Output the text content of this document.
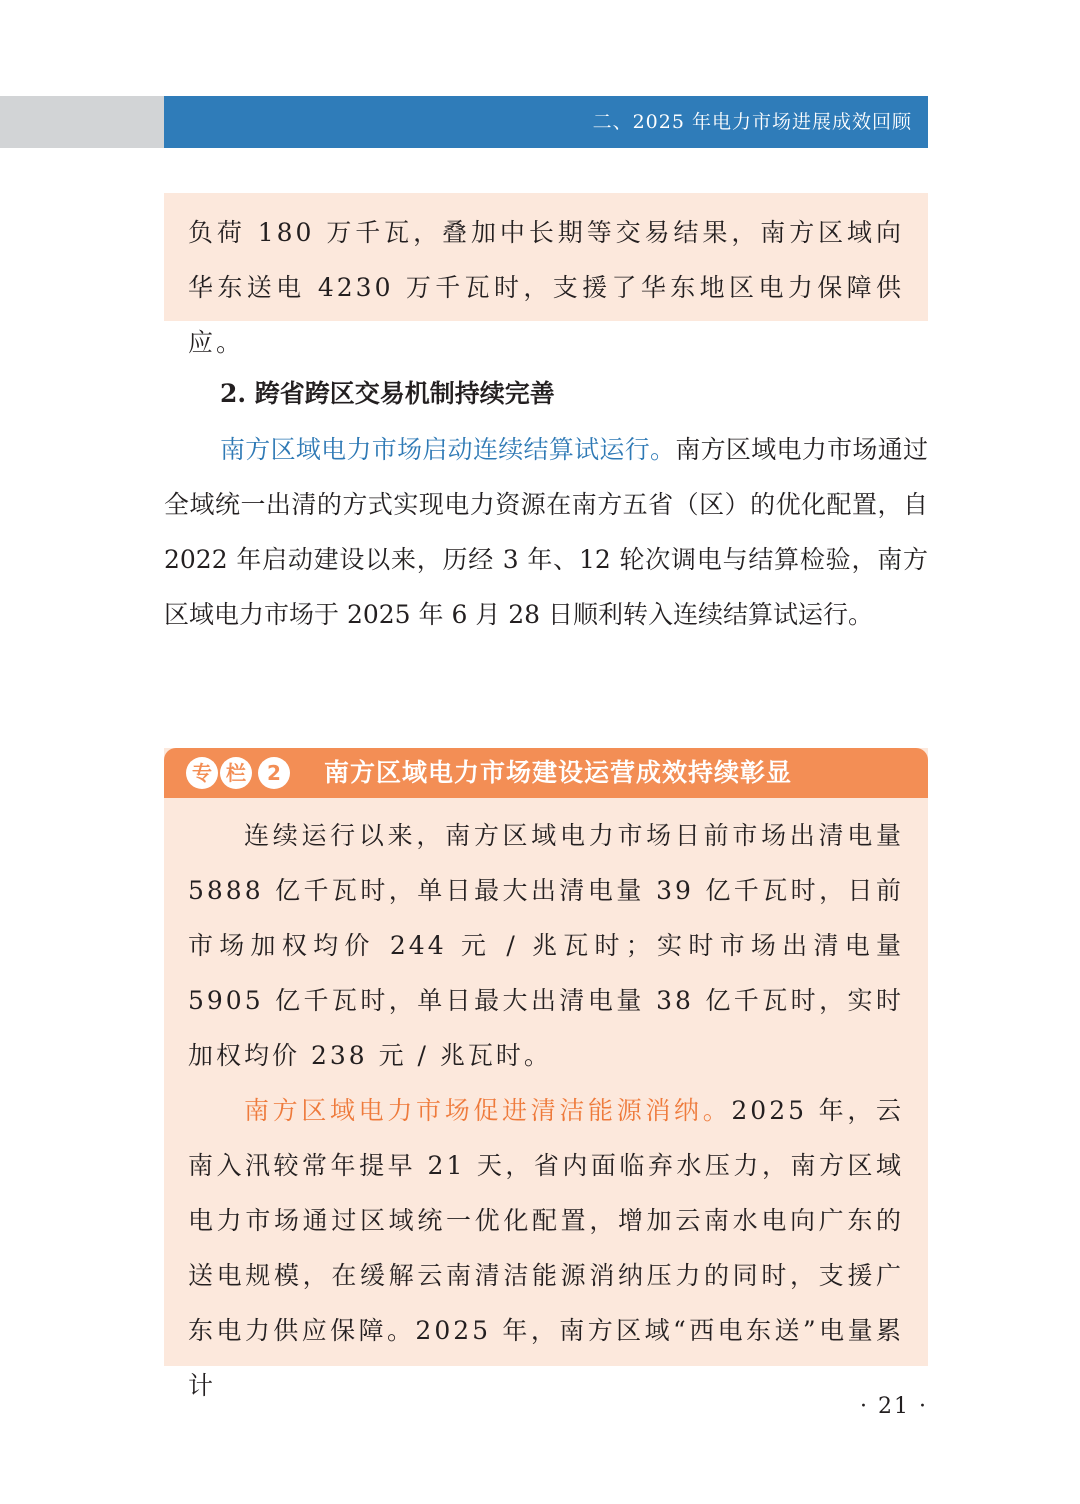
二、2025 年电力市场进展成效回顾

负荷 180 万千瓦，叠加中长期等交易结果，南方区域向华东送电 4230 万千瓦时，支援了华东地区电力保障供应。

2. 跨省跨区交易机制持续完善

南方区域电力市场启动连续结算试运行。南方区域电力市场通过全域统一出清的方式实现电力资源在南方五省（区）的优化配置，自 2022 年启动建设以来，历经 3 年、12 轮次调电与结算检验，南方区域电力市场于 2025 年 6 月 28 日顺利转入连续结算试运行。

专 栏	2	南方区域电力市场建设运营成效持续彰显

连续运行以来，南方区域电力市场日前市场出清电量 5888 亿千瓦时，单日最大出清电量 39 亿千瓦时，日前市场加权均价 244 元 / 兆瓦时；实时市场出清电量 5905 亿千瓦时，单日最大出清电量 38 亿千瓦时，实时加权均价 238 元 / 兆瓦时。

南方区域电力市场促进清洁能源消纳。2025 年，云南入汛较常年提早 21 天，省内面临弃水压力，南方区域电力市场通过区域统一优化配置，增加云南水电向广东的送电规模，在缓解云南清洁能源消纳压力的同时，支援广东电力供应保障。2025 年，南方区域“西电东送”电量累计

· 21 ·
